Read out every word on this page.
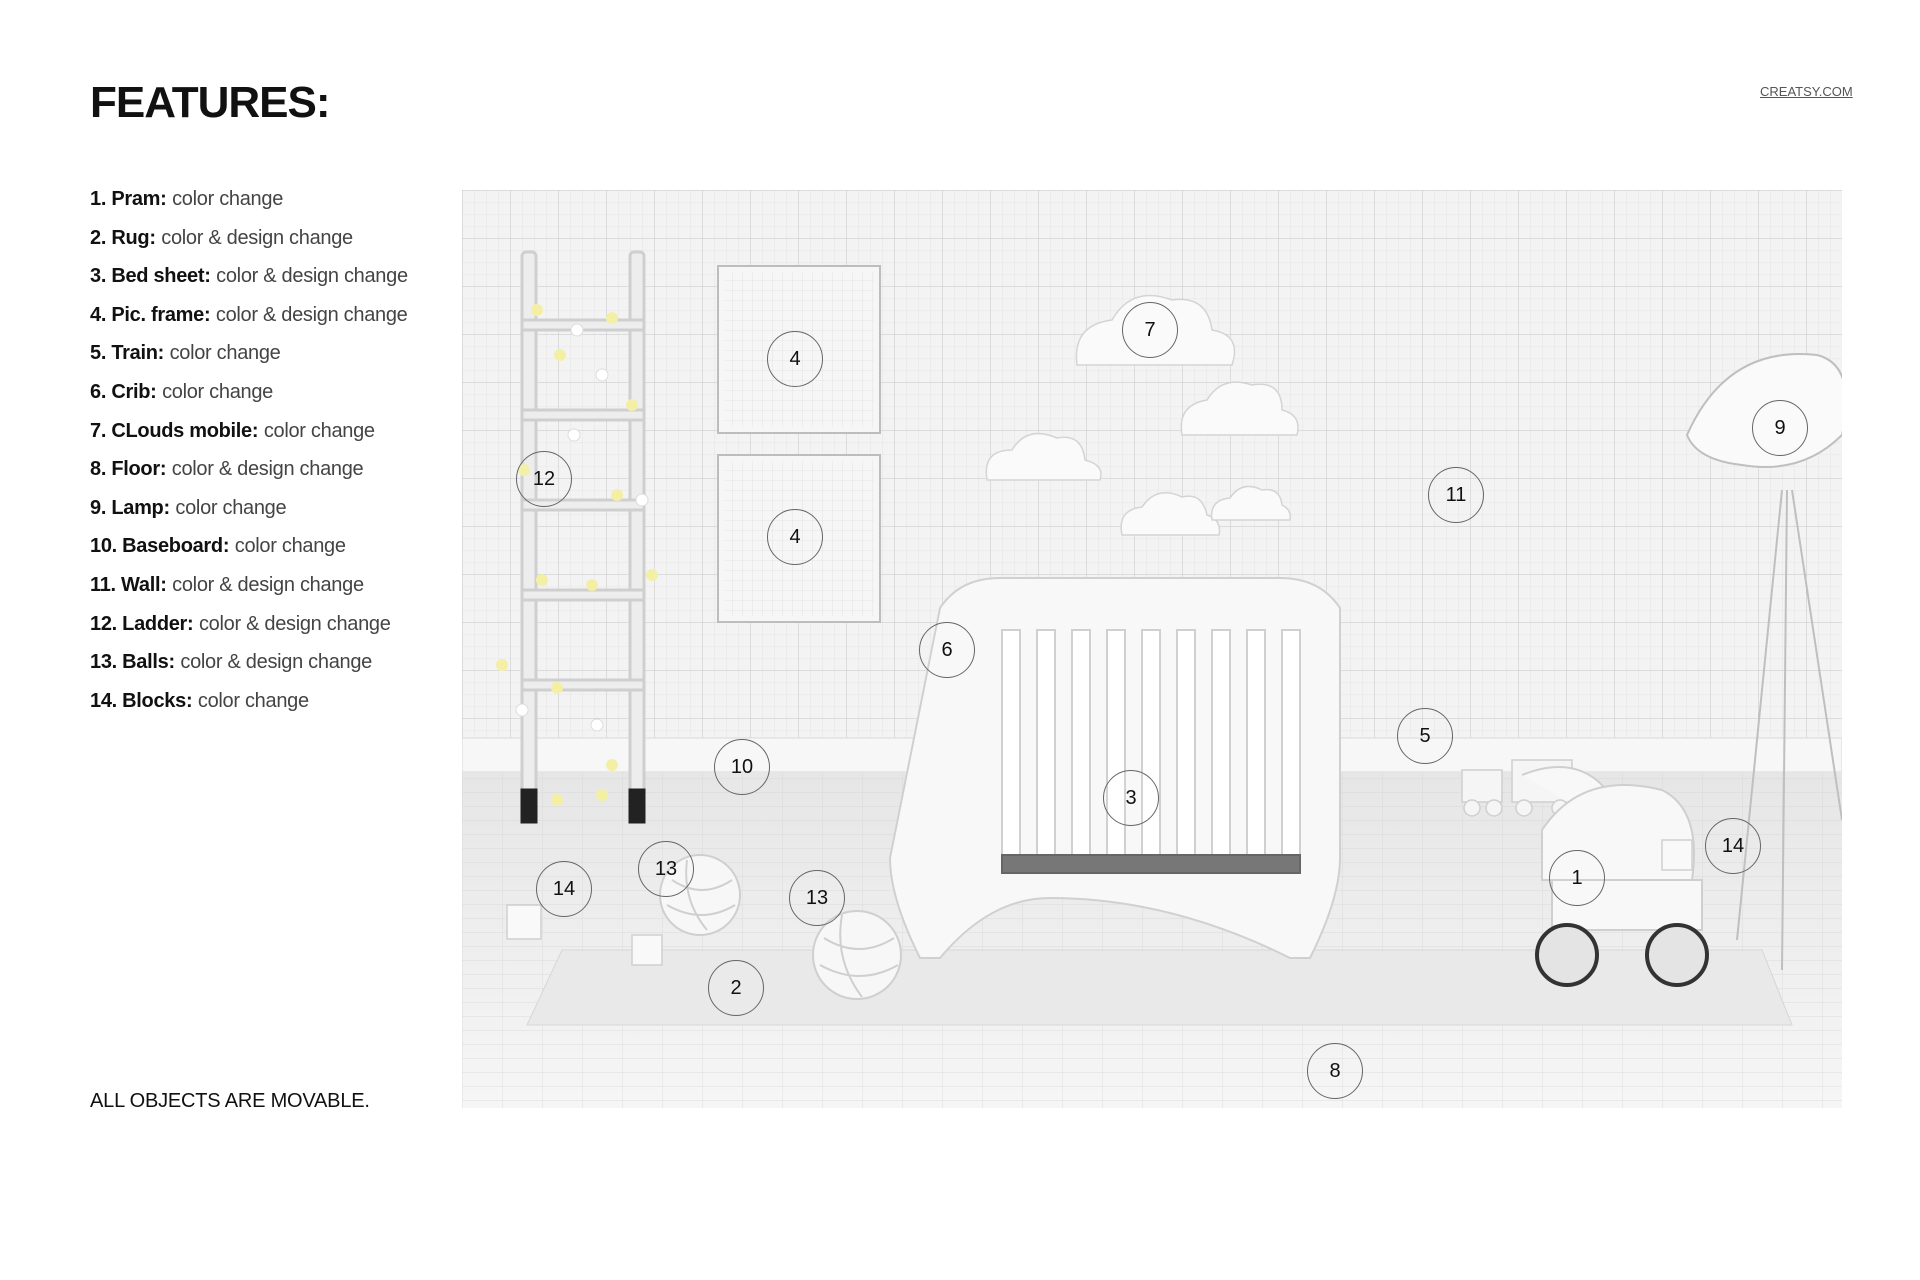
FEATURES:	CREATSY.COM
1. Pram: color change
2. Rug: color & design change
3. Bed sheet: color & design change
4. Pic. frame: color & design change
5. Train: color change
6. Crib: color change
7. CLouds mobile: color change
8. Floor: color & design change
9. Lamp: color change
10. Baseboard: color change
11. Wall: color & design change
12. Ladder: color & design change
13. Balls: color & design change
14. Blocks: color change
ALL OBJECTS ARE MOVABLE.
1
2
3
4
4
5
6
7
8
9
10
11
12
13
13
14
14
